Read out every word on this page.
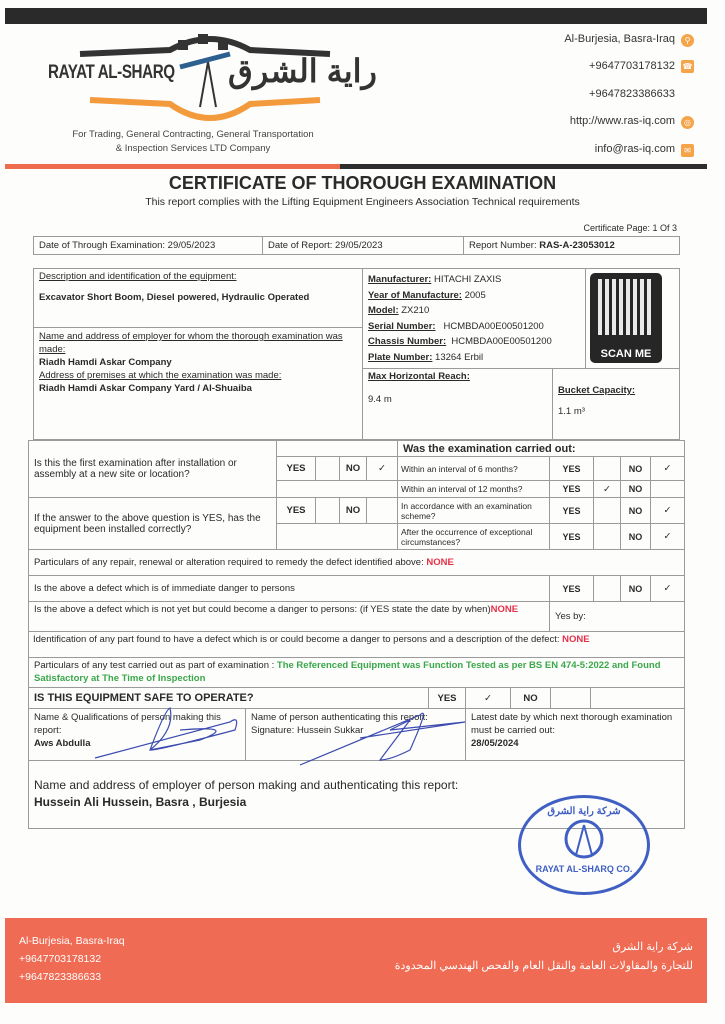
RAYAT AL-SHARQ راية الشرق
For Trading, General Contracting, General Transportation
& Inspection Services LTD Company
Al-Burjesia, Basra-Iraq
+9647703178132
+9647823386633
http://www.ras-iq.com
info@ras-iq.com
⚲
☎
◎
✉
CERTIFICATE OF THOROUGH EXAMINATION
This report complies with the Lifting Equipment Engineers Association Technical requirements
Certificate Page: 1 Of 3
Date of Through Examination: 29/05/2023	Date of Report: 29/05/2023	Report Number: RAS-A-23053012
Description and identification of the equipment:
Excavator Short Boom, Diesel powered, Hydraulic Operated
Name and address of employer for whom the thorough examination was made:
Riadh Hamdi Askar Company
Address of premises at which the examination was made:
Riadh Hamdi Askar Company Yard / Al-Shuaiba
Manufacturer: HITACHI ZAXIS
Year of Manufacture: 2005
Model: ZX210
Serial Number:   HCMBDA00E00501200
Chassis Number:  HCMBDA00E00501200
Plate Number: 13264 Erbil	SCAN ME
Max Horizontal Reach:
9.4 m
Bucket Capacity:
1.1 m³
Is this the first examination after installation or assembly at a new site or location?
YES	NO	✓
If the answer to the above question is YES, has the equipment been installed correctly?
YES	NO
Was the examination carried out:
Within an interval of 6 months?	YES	NO	✓
Within an interval of 12 months?	YES	✓	NO
In accordance with an examination scheme?	YES	NO	✓
After the occurrence of exceptional circumstances?	YES	NO	✓
Particulars of any repair, renewal or alteration required to remedy the defect identified above: NONE
Is the above a defect which is of immediate danger to persons	YES	NO	✓
Is the above a defect which is not yet but could become a danger to persons: (if YES state the date by when)NONE
Yes by:
Identification of any part found to have a defect which is or could become a danger to persons and a description of the defect: NONE
Particulars of any test carried out as part of examination : The Referenced Equipment was Function Tested as per BS EN 474-5:2022 and Found Satisfactory at The Time of Inspection
IS THIS EQUIPMENT SAFE TO OPERATE?	YES	✓	NO
Name & Qualifications of person making this report:
Aws Abdulla
Name of person authenticating this report:
Signature: Hussein Sukkar
Latest date by which next thorough examination must be carried out:
28/05/2024
Name and address of employer of person making and authenticating this report:
Hussein Ali Hussein, Basra , Burjesia
شركة راية الشرق
RAYAT AL-SHARQ CO.
Al-Burjesia, Basra-Iraq
+9647703178132
+9647823386633
شركة راية الشرق
للتجارة والمقاولات العامة والنقل العام والفحص الهندسي المحدودة
